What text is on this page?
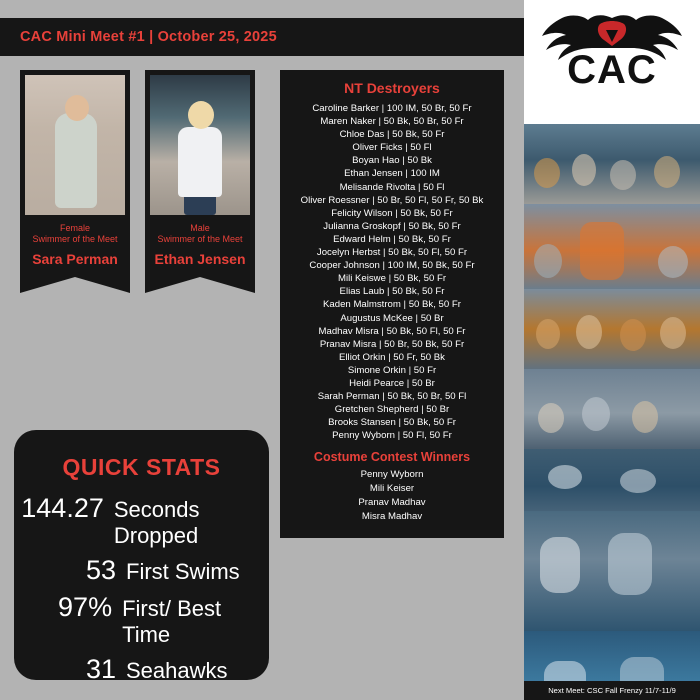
CAC Mini Meet #1 | October 25, 2025
Female
Swimmer of the Meet
Sara Perman
Male
Swimmer of the Meet
Ethan Jensen
NT Destroyers
Caroline Barker | 100 IM, 50 Br, 50 Fr
Maren Naker | 50 Bk, 50 Br, 50 Fr
Chloe Das | 50 Bk, 50 Fr
Oliver Ficks | 50 Fl
Boyan Hao | 50 Bk
Ethan Jensen | 100 IM
Melisande Rivolta | 50 Fl
Oliver Roessner | 50 Br, 50 Fl, 50 Fr, 50 Bk
Felicity Wilson | 50 Bk, 50 Fr
Julianna Groskopf | 50 Bk, 50 Fr
Edward Helm | 50 Bk, 50 Fr
Jocelyn Herbst | 50 Bk, 50 Fl, 50 Fr
Cooper Johnson | 100 IM, 50 Bk, 50 Fr
Mili Keiswe | 50 Bk, 50 Fr
Elias Laub | 50 Bk, 50 Fr
Kaden Malmstrom | 50 Bk, 50 Fr
Augustus McKee | 50 Br
Madhav Misra | 50 Bk, 50 Fl, 50 Fr
Pranav Misra | 50 Br, 50 Bk, 50 Fr
Elliot Orkin | 50 Fr, 50 Bk
Simone Orkin | 50 Fr
Heidi Pearce | 50 Br
Sarah Perman | 50 Bk, 50 Br, 50 Fl
Gretchen Shepherd | 50 Br
Brooks Stansen | 50 Bk, 50 Fr
Penny Wyborn | 50 Fl, 50 Fr
Costume Contest Winners
Penny Wyborn
Mili Keiser
Pranav Madhav
Misra Madhav
QUICK STATS
144.27 Seconds Dropped
53 First Swims
97% First/ Best Time
31 Seahawks
CAC
Next Meet: CSC Fall Frenzy 11/7-11/9
